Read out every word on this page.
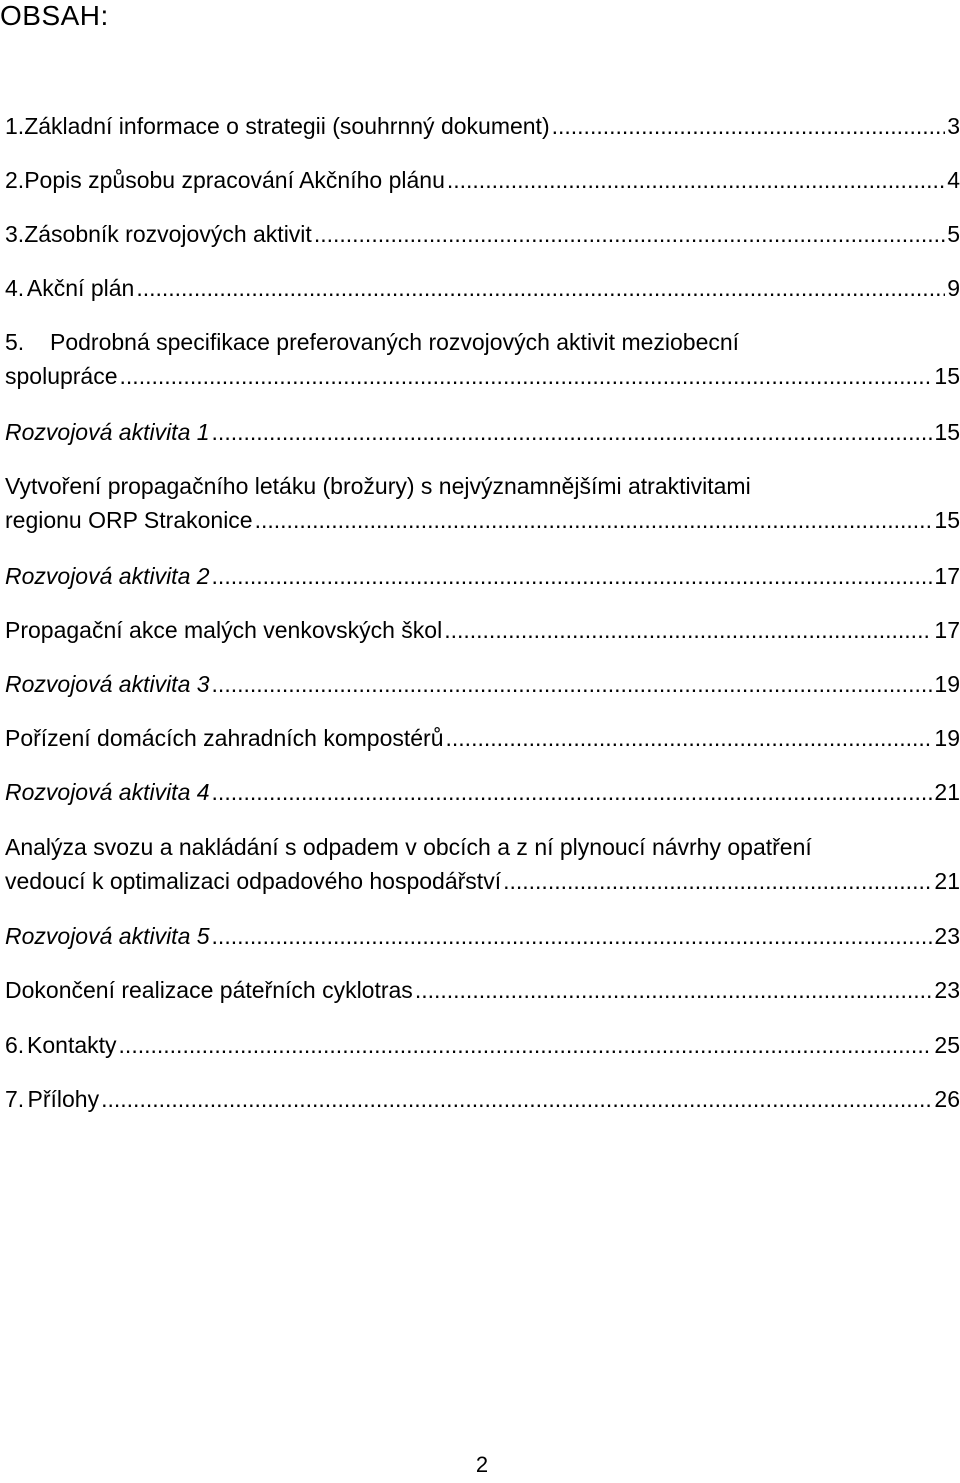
OBSAH:
1. Základní informace o strategii (souhrnný dokument) .....	3
2. Popis způsobu zpracování Akčního plánu .....	4
3. Zásobník rozvojových aktivit .....	5
4. Akční plán .....	9
5. Podrobná specifikace preferovaných rozvojových aktivit meziobecní
spolupráce .....	15
Rozvojová aktivita 1 .....	15
Vytvoření propagačního letáku (brožury) s nejvýznamnějšími atraktivitami
regionu ORP Strakonice .....	15
Rozvojová aktivita 2 .....	17
Propagační akce malých venkovských škol .....	17
Rozvojová aktivita 3 .....	19
Pořízení domácích zahradních kompostérů .....	19
Rozvojová aktivita 4 .....	21
Analýza svozu a nakládání s odpadem v obcích a z ní plynoucí návrhy opatření
vedoucí k optimalizaci odpadového hospodářství .....	21
Rozvojová aktivita 5 .....	23
Dokončení realizace páteřních cyklotras .....	23
6. Kontakty .....	25
7. Přílohy .....	26
2
